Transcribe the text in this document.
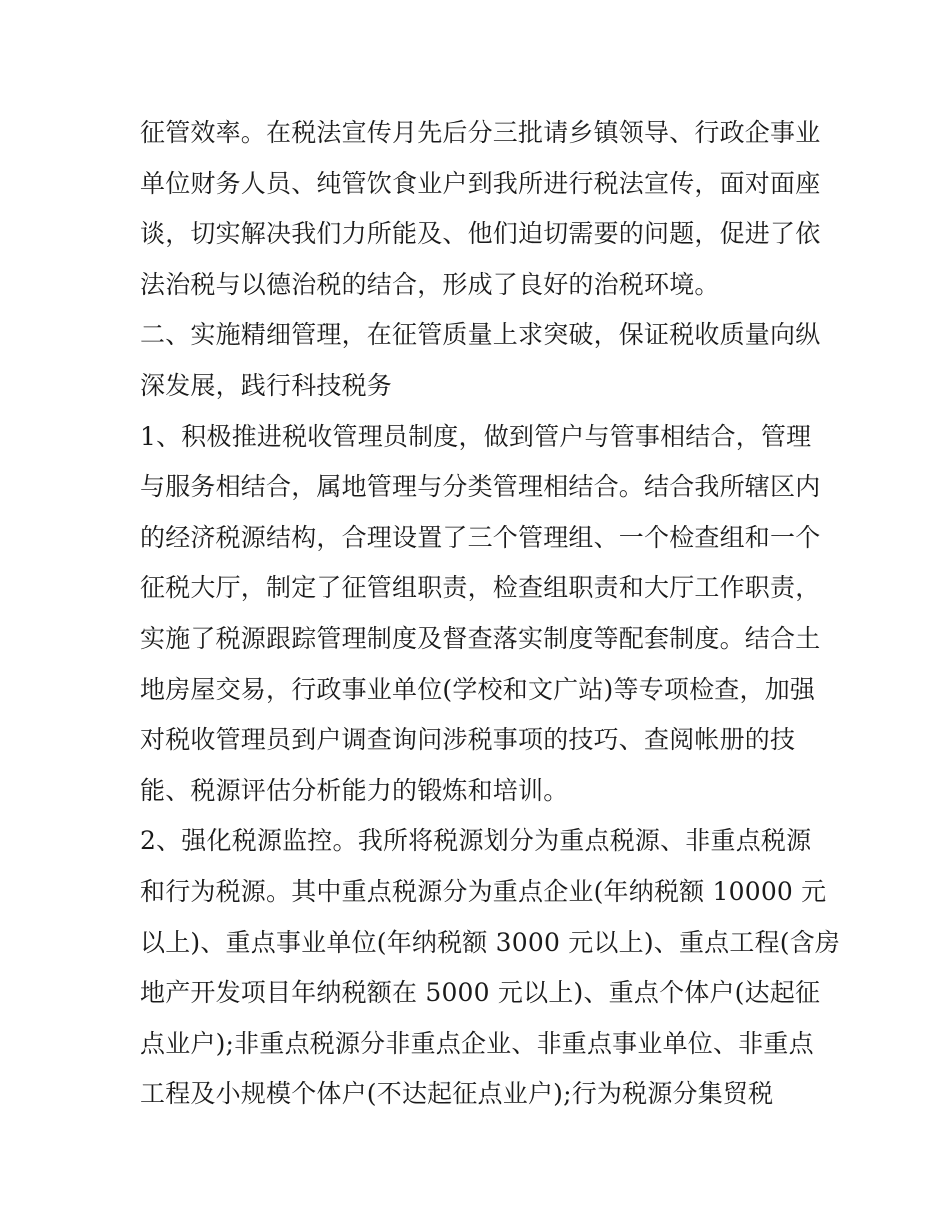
征管效率。在税法宣传月先后分三批请乡镇领导、行政企事业
单位财务人员、纯管饮食业户到我所进行税法宣传，面对面座
谈，切实解决我们力所能及、他们迫切需要的问题，促进了依
法治税与以德治税的结合，形成了良好的治税环境。
二、实施精细管理，在征管质量上求突破，保证税收质量向纵
深发展，践行科技税务
1、积极推进税收管理员制度，做到管户与管事相结合，管理
与服务相结合，属地管理与分类管理相结合。结合我所辖区内
的经济税源结构，合理设置了三个管理组、一个检查组和一个
征税大厅，制定了征管组职责，检查组职责和大厅工作职责，
实施了税源跟踪管理制度及督查落实制度等配套制度。结合土
地房屋交易，行政事业单位(学校和文广站)等专项检查，加强
对税收管理员到户调查询问涉税事项的技巧、查阅帐册的技
能、税源评估分析能力的锻炼和培训。
2、强化税源监控。我所将税源划分为重点税源、非重点税源
和行为税源。其中重点税源分为重点企业(年纳税额 10000 元
以上)、重点事业单位(年纳税额 3000 元以上)、重点工程(含房
地产开发项目年纳税额在 5000 元以上)、重点个体户(达起征
点业户);非重点税源分非重点企业、非重点事业单位、非重点
工程及小规模个体户(不达起征点业户);行为税源分集贸税
